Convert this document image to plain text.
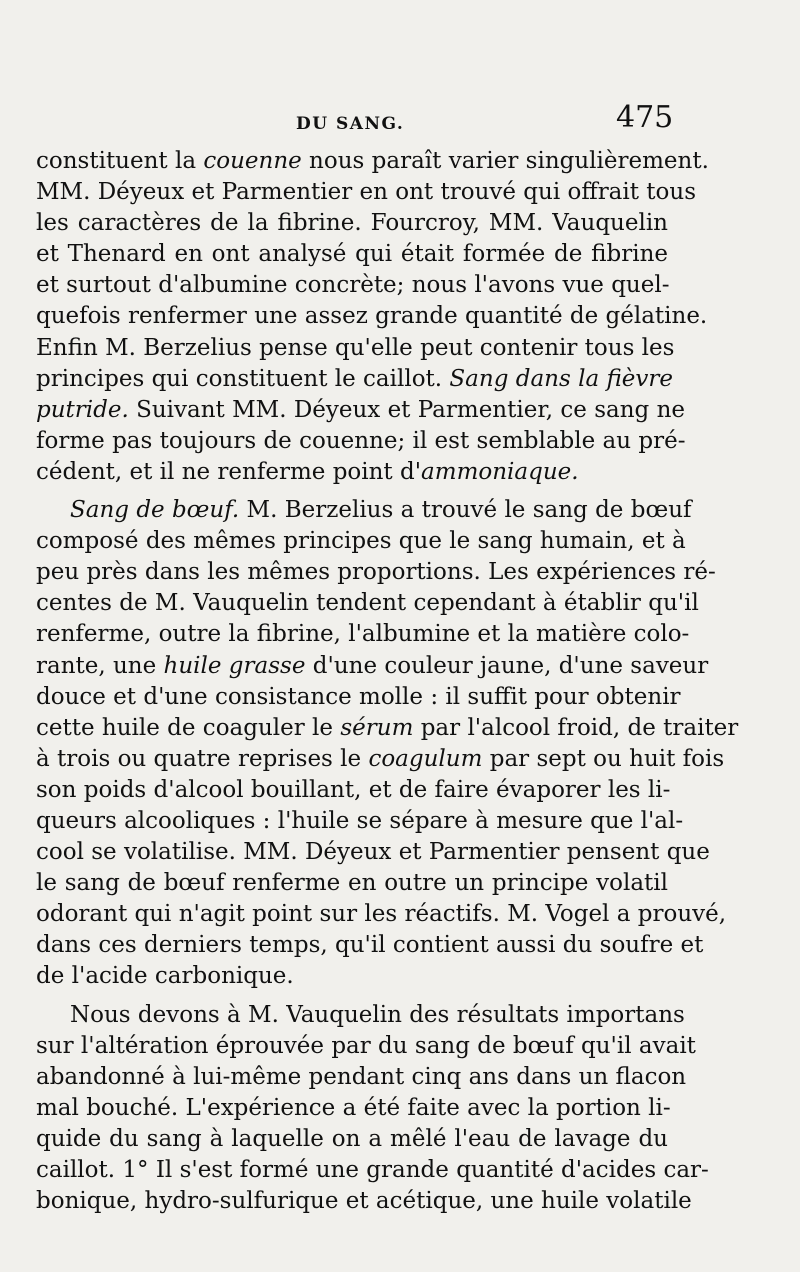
DU SANG.	475
constituent la couenne nous paraît varier singulièrement.
MM. Déyeux et Parmentier en ont trouvé qui offrait tous
les caractères de la fibrine. Fourcroy, MM. Vauquelin
et Thenard en ont analysé qui était formée de fibrine
et surtout d'albumine concrète; nous l'avons vue quel-
quefois renfermer une assez grande quantité de gélatine.
Enfin M. Berzelius pense qu'elle peut contenir tous les
principes qui constituent le caillot. Sang dans la fièvre
putride. Suivant MM. Déyeux et Parmentier, ce sang ne
forme pas toujours de couenne; il est semblable au pré-
cédent, et il ne renferme point d'ammoniaque.
Sang de bœuf. M. Berzelius a trouvé le sang de bœuf
composé des mêmes principes que le sang humain, et à
peu près dans les mêmes proportions. Les expériences ré-
centes de M. Vauquelin tendent cependant à établir qu'il
renferme, outre la fibrine, l'albumine et la matière colo-
rante, une huile grasse d'une couleur jaune, d'une saveur
douce et d'une consistance molle : il suffit pour obtenir
cette huile de coaguler le sérum par l'alcool froid, de traiter
à trois ou quatre reprises le coagulum par sept ou huit fois
son poids d'alcool bouillant, et de faire évaporer les li-
queurs alcooliques : l'huile se sépare à mesure que l'al-
cool se volatilise. MM. Déyeux et Parmentier pensent que
le sang de bœuf renferme en outre un principe volatil
odorant qui n'agit point sur les réactifs. M. Vogel a prouvé,
dans ces derniers temps, qu'il contient aussi du soufre et
de l'acide carbonique.
Nous devons à M. Vauquelin des résultats importans
sur l'altération éprouvée par du sang de bœuf qu'il avait
abandonné à lui-même pendant cinq ans dans un flacon
mal bouché. L'expérience a été faite avec la portion li-
quide du sang à laquelle on a mêlé l'eau de lavage du
caillot. 1° Il s'est formé une grande quantité d'acides car-
bonique, hydro-sulfurique et acétique, une huile volatile
